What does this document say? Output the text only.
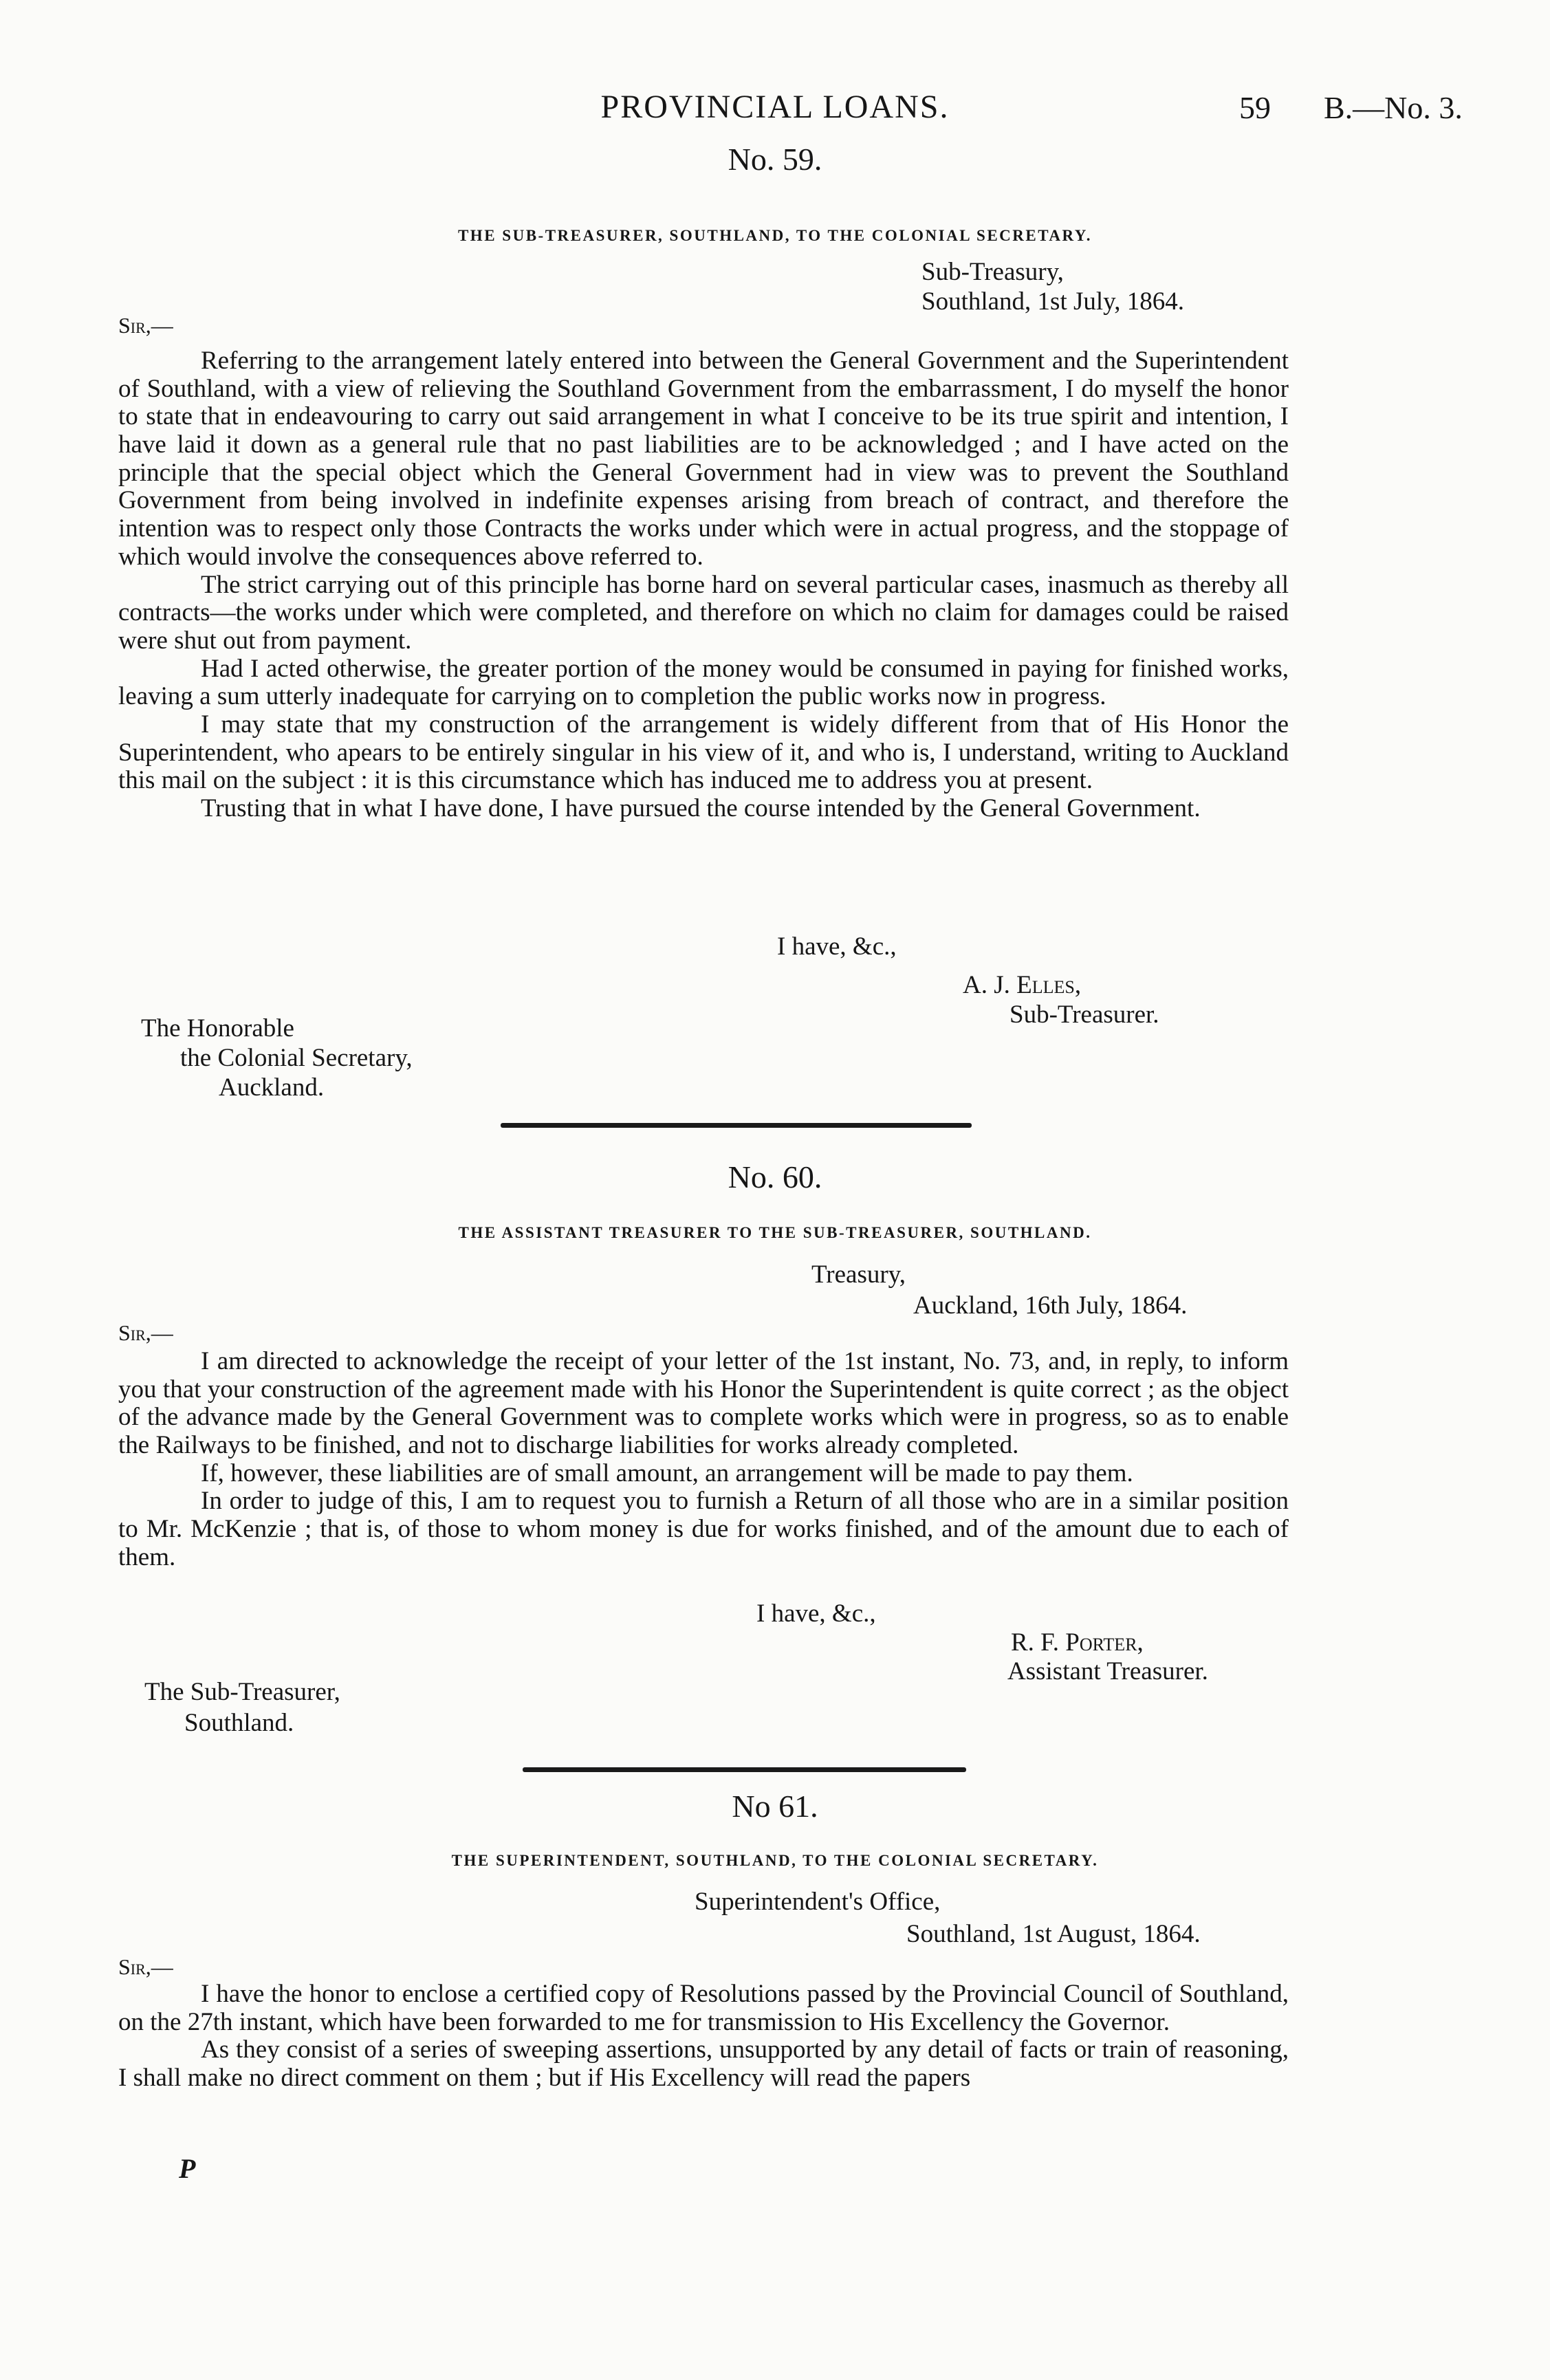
PROVINCIAL LOANS.	59 B.—No. 3.
No. 59.
THE SUB-TREASURER, SOUTHLAND, TO THE COLONIAL SECRETARY.
Sub-Treasury,
Southland, 1st July, 1864.
Sir,—

Referring to the arrangement lately entered into between the General Government and the Superintendent of Southland, with a view of relieving the Southland Government from the embarrassment, I do myself the honor to state that in endeavouring to carry out said arrangement in what I conceive to be its true spirit and intention, I have laid it down as a general rule that no past liabilities are to be acknowledged ; and I have acted on the principle that the special object which the General Government had in view was to prevent the Southland Government from being involved in indefinite expenses arising from breach of contract, and therefore the intention was to respect only those Contracts the works under which were in actual progress, and the stoppage of which would involve the consequences above referred to.

The strict carrying out of this principle has borne hard on several particular cases, inasmuch as thereby all contracts—the works under which were completed, and therefore on which no claim for damages could be raised were shut out from payment.

Had I acted otherwise, the greater portion of the money would be consumed in paying for finished works, leaving a sum utterly inadequate for carrying on to completion the public works now in progress.

I may state that my construction of the arrangement is widely different from that of His Honor the Superintendent, who apears to be entirely singular in his view of it, and who is, I understand, writing to Auckland this mail on the subject : it is this circumstance which has induced me to address you at present.

Trusting that in what I have done, I have pursued the course intended by the General Government.

I have, &c.,
A. J. Elles,
Sub-Treasurer.
The Honorable
the Colonial Secretary,
Auckland.
No. 60.
THE ASSISTANT TREASURER TO THE SUB-TREASURER, SOUTHLAND.
Treasury,
Auckland, 16th July, 1864.
Sir,—

I am directed to acknowledge the receipt of your letter of the 1st instant, No. 73, and, in reply, to inform you that your construction of the agreement made with his Honor the Superintendent is quite correct ; as the object of the advance made by the General Government was to complete works which were in progress, so as to enable the Railways to be finished, and not to discharge liabilities for works already completed.

If, however, these liabilities are of small amount, an arrangement will be made to pay them.

In order to judge of this, I am to request you to furnish a Return of all those who are in a similar position to Mr. McKenzie ; that is, of those to whom money is due for works finished, and of the amount due to each of them.

I have, &c.,
R. F. Porter,
Assistant Treasurer.
The Sub-Treasurer,
Southland.
No 61.
THE SUPERINTENDENT, SOUTHLAND, TO THE COLONIAL SECRETARY.
Superintendent's Office,
Southland, 1st August, 1864.
Sir,—

I have the honor to enclose a certified copy of Resolutions passed by the Provincial Council of Southland, on the 27th instant, which have been forwarded to me for transmission to His Excellency the Governor.

As they consist of a series of sweeping assertions, unsupported by any detail of facts or train of reasoning, I shall make no direct comment on them ; but if His Excellency will read the papers

P
